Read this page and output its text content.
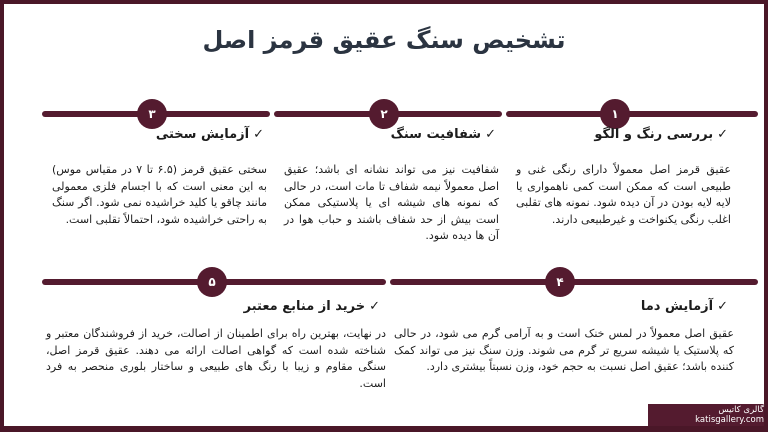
تشخیص سنگ عقیق قرمز اصل
۱
✓بررسی رنگ و الگو
عقیق قرمز اصل معمولاً دارای رنگی غنی و طبیعی است که ممکن است کمی ناهمواری یا لایه لایه بودن در آن دیده شود. نمونه های تقلبی اغلب رنگی یکنواخت و غیرطبیعی دارند.
۲
✓شفافیت سنگ
شفافیت نیز می تواند نشانه ای باشد؛ عقیق اصل معمولاً نیمه شفاف تا مات است، در حالی که نمونه های شیشه ای یا پلاستیکی ممکن است بیش از حد شفاف باشند و حباب هوا در آن ها دیده شود.
۳
✓آزمایش سختی
سختی عقیق قرمز (۶.۵ تا ۷ در مقیاس موس) به این معنی است که با اجسام فلزی معمولی مانند چاقو یا کلید خراشیده نمی شود. اگر سنگ به راحتی خراشیده شود، احتمالاً تقلبی است.
۴
✓آزمایش دما
عقیق اصل معمولاً در لمس خنک است و به آرامی گرم می شود، در حالی که پلاستیک یا شیشه سریع تر گرم می شوند. وزن سنگ نیز می تواند کمک کننده باشد؛ عقیق اصل نسبت به حجم خود، وزن نسبتاً بیشتری دارد.
۵
✓خرید از منابع معتبر
در نهایت، بهترین راه برای اطمینان از اصالت، خرید از فروشندگان معتبر و شناخته شده است که گواهی اصالت ارائه می دهند. عقیق قرمز اصل، سنگی مقاوم و زیبا با رنگ های طبیعی و ساختار بلوری منحصر به فرد است.
گالری کاتیس katisgallery.com
